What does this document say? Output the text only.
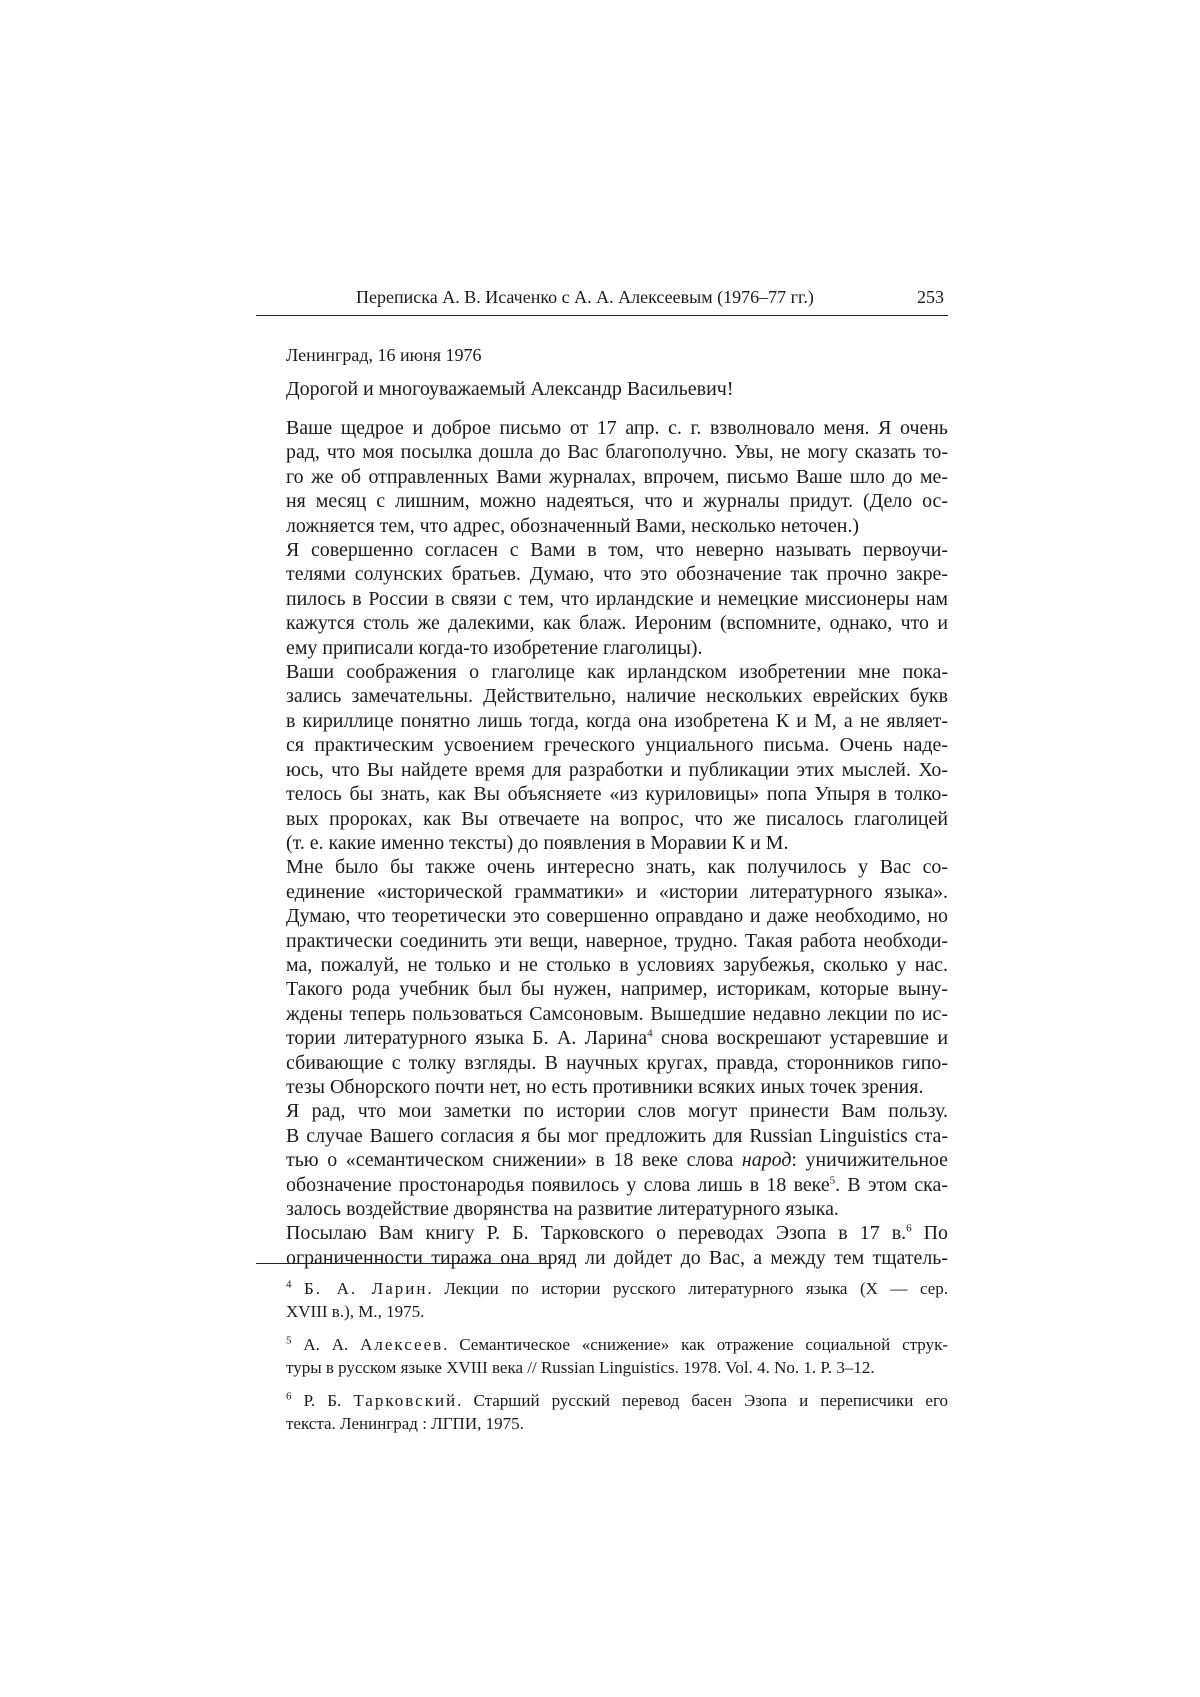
Переписка А. В. Исаченко с А. А. Алексеевым (1976–77 гг.)	253
Ленинград, 16 июня 1976
Дорогой и многоуважаемый Александр Васильевич!

Ваше щедрое и доброе письмо от 17 апр. с. г. взволновало меня. Я очень
рад, что моя посылка дошла до Вас благополучно. Увы, не могу сказать то-
го же об отправленных Вами журналах, впрочем, письмо Ваше шло до ме-
ня месяц с лишним, можно надеяться, что и журналы придут. (Дело ос-
ложняется тем, что адрес, обозначенный Вами, несколько неточен.)

Я совершенно согласен с Вами в том, что неверно называть первоучи-
телями солунских братьев. Думаю, что это обозначение так прочно закре-
пилось в России в связи с тем, что ирландские и немецкие миссионеры нам
кажутся столь же далекими, как блаж. Иероним (вспомните, однако, что и
ему приписали когда-то изобретение глаголицы).

Ваши соображения о глаголице как ирландском изобретении мне пока-
зались замечательны. Действительно, наличие нескольких еврейских букв
в кириллице понятно лишь тогда, когда она изобретена К и М, а не являет-
ся практическим усвоением греческого унциального письма. Очень наде-
юсь, что Вы найдете время для разработки и публикации этих мыслей. Хо-
телось бы знать, как Вы объясняете «из куриловицы» попа Упыря в толко-
вых пророках, как Вы отвечаете на вопрос, что же писалось глаголицей
(т. е. какие именно тексты) до появления в Моравии К и М.

Мне было бы также очень интересно знать, как получилось у Вас со-
единение «исторической грамматики» и «истории литературного языка».
Думаю, что теоретически это совершенно оправдано и даже необходимо, но
практически соединить эти вещи, наверное, трудно. Такая работа необходи-
ма, пожалуй, не только и не столько в условиях зарубежья, сколько у нас.
Такого рода учебник был бы нужен, например, историкам, которые выну-
ждены теперь пользоваться Самсоновым. Вышедшие недавно лекции по ис-
тории литературного языка Б. А. Ларина$^4$ снова воскрешают устаревшие и
сбивающие с толку взгляды. В научных кругах, правда, сторонников гипо-
тезы Обнорского почти нет, но есть противники всяких иных точек зрения.

Я рад, что мои заметки по истории слов могут принести Вам пользу.
В случае Вашего согласия я бы мог предложить для Russian Linguistics ста-
тью о «семантическом снижении» в 18 веке слова народ: уничижительное
обозначение простонародья появилось у слова лишь в 18 веке$^5$. В этом ска-
залось воздействие дворянства на развитие литературного языка.

Посылаю Вам книгу Р. Б. Тарковского о переводах Эзопа в 17 в.$^6$ По
ограниченности тиража она вряд ли дойдет до Вас, а между тем тщатель-

$^4$ Б. А. Ларин. Лекции по истории русского литературного языка (X — сер.
XVIII в.), М., 1975.

$^5$ А. А. Алексеев. Семантическое «снижение» как отражение социальной струк-
туры в русском языке XVIII века // Russian Linguistics. 1978. Vol. 4. No. 1. P. 3–12.

$^6$ Р. Б. Тарковский. Старший русский перевод басен Эзопа и переписчики его
текста. Ленинград : ЛГПИ, 1975.
